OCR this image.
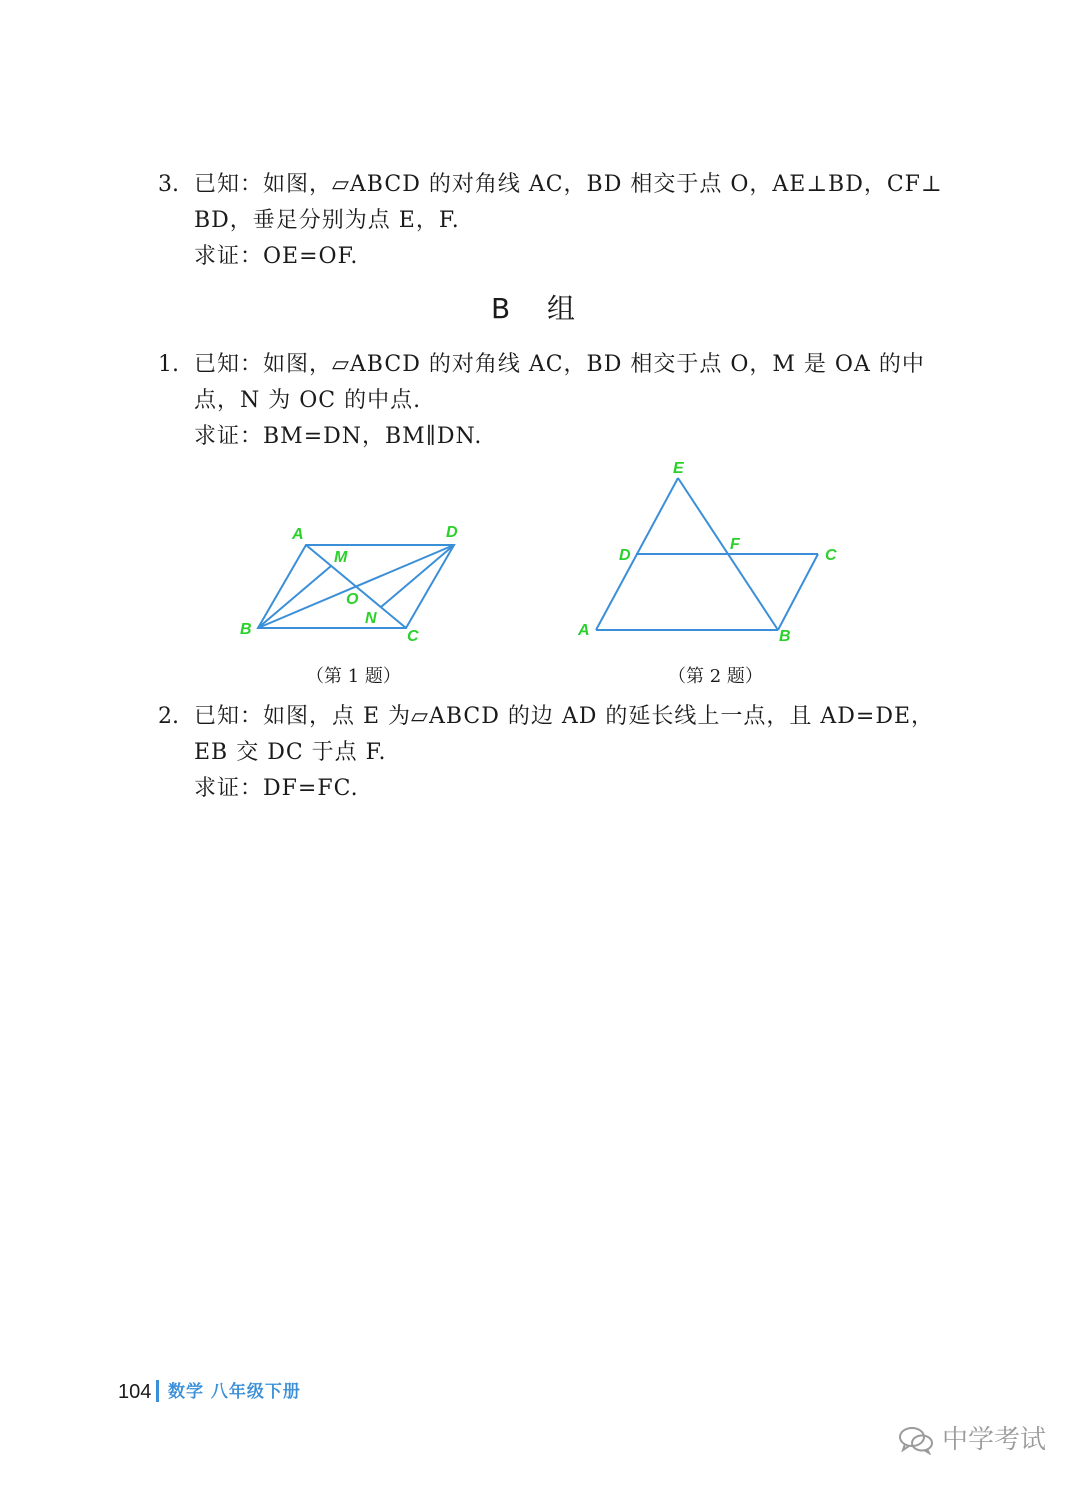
3. 已知：如图，▱ABCD 的对角线 AC，BD 相交于点 O，AE⊥BD，CF⊥
BD，垂足分别为点 E，F.
求证：OE=OF.
B 组
1. 已知：如图，▱ABCD 的对角线 AC，BD 相交于点 O，M 是 OA 的中
点，N 为 OC 的中点.
求证：BM=DN，BM∥DN.
A	D
M
O
N
B	C
（第 1 题）
E
D
F
C
A	B
（第 2 题）
2. 已知：如图，点 E 为▱ABCD 的边 AD 的延长线上一点，且 AD=DE，
EB 交 DC 于点 F.
求证：DF=FC.
104 数学 八年级下册
中学考试
